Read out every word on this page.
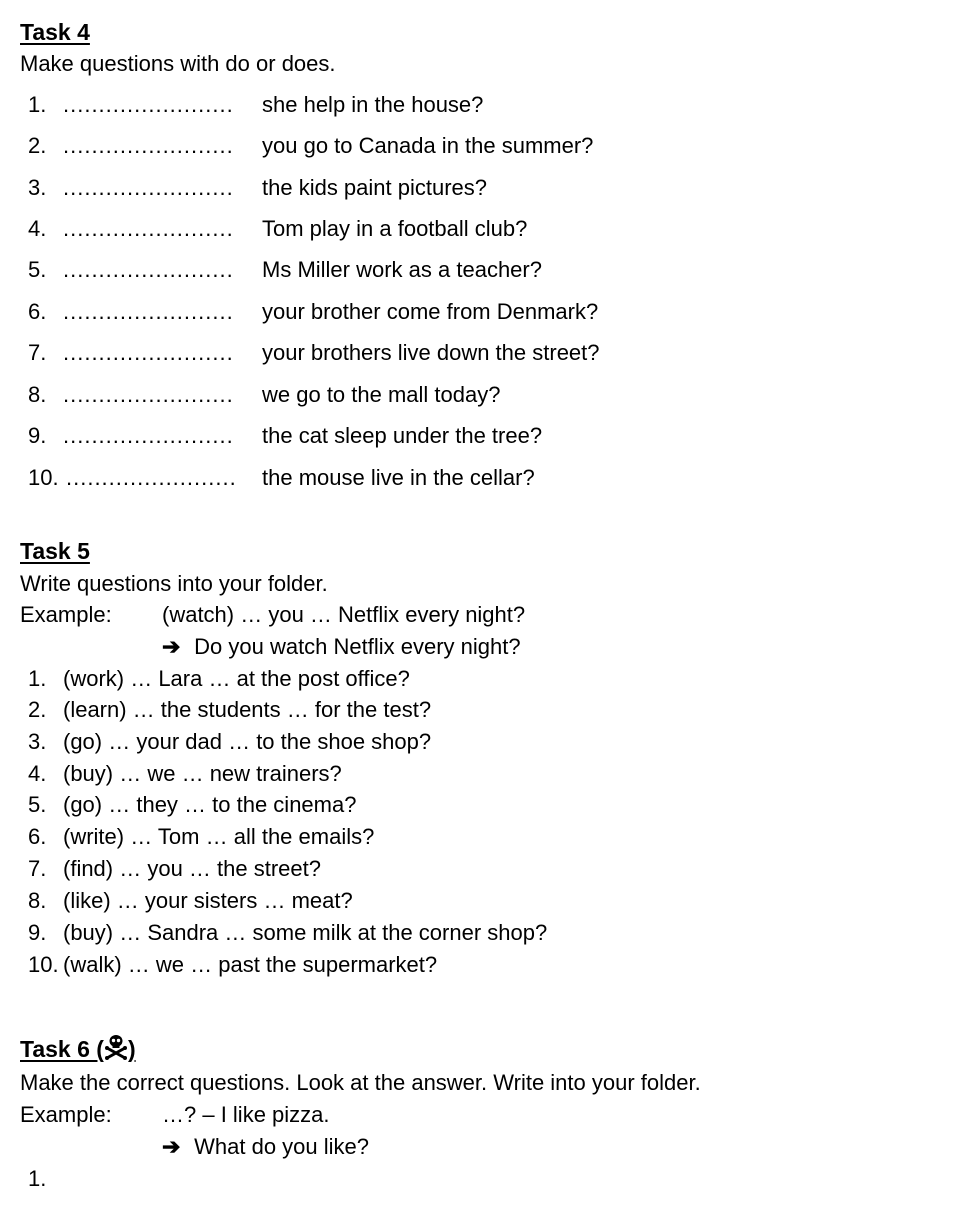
Task 4
Make questions with do or does.
1. ........................	she help in the house?
2. ........................	you go to Canada in the summer?
3. ........................	the kids paint pictures?
4. ........................	Tom play in a football club?
5. ........................	Ms Miller work as a teacher?
6. ........................	your brother come from Denmark?
7. ........................	your brothers live down the street?
8. ........................	we go to the mall today?
9. ........................	the cat sleep under the tree?
10. ........................	the mouse live in the cellar?
Task 5
Write questions into your folder.
Example: (watch) … you … Netflix every night?
➔ Do you watch Netflix every night?
1. (work) … Lara … at the post office?
2. (learn) … the students … for the test?
3. (go) … your dad … to the shoe shop?
4. (buy) … we … new trainers?
5. (go) … they … to the cinema?
6. (write) … Tom … all the emails?
7. (find) … you … the street?
8. (like) … your sisters … meat?
9. (buy) … Sandra … some milk at the corner shop?
10. (walk) … we … past the supermarket?
Task 6 ( )
Make the correct questions. Look at the answer. Write into your folder.
Example: …? – I like pizza.
➔ What do you like?
1.
